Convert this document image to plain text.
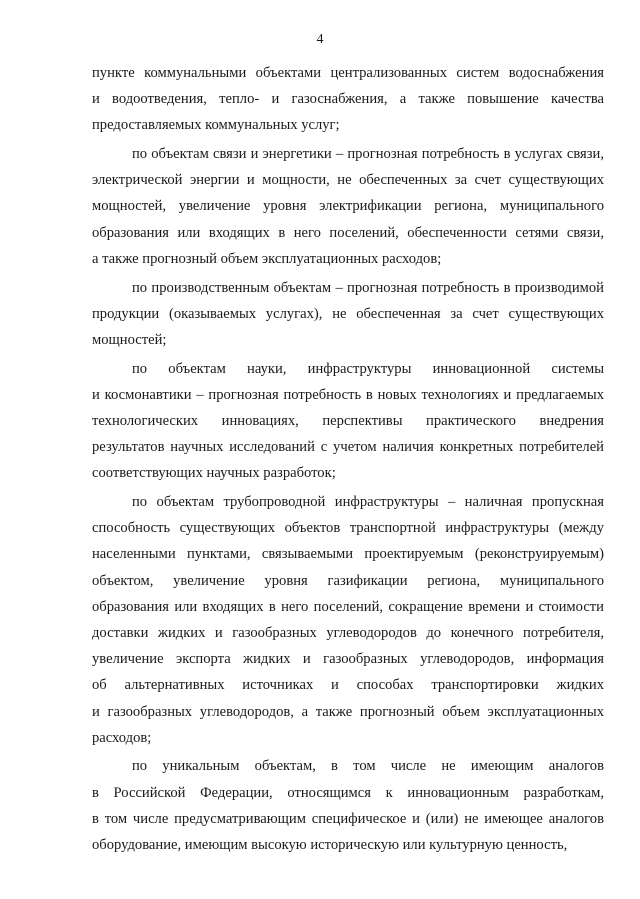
4
пункте коммунальными объектами централизованных систем водоснабжения
и водоотведения, тепло- и газоснабжения, а также повышение качества
предоставляемых коммунальных услуг;
по объектам связи и энергетики – прогнозная потребность в услугах связи,
электрической энергии и мощности, не обеспеченных за счет существующих
мощностей, увеличение уровня электрификации региона, муниципального
образования или входящих в него поселений, обеспеченности сетями связи,
а также прогнозный объем эксплуатационных расходов;
по производственным объектам – прогнозная потребность в производимой
продукции (оказываемых услугах), не обеспеченная за счет существующих
мощностей;
по объектам науки, инфраструктуры инновационной системы
и космонавтики – прогнозная потребность в новых технологиях и предлагаемых
технологических инновациях, перспективы практического внедрения
результатов научных исследований с учетом наличия конкретных потребителей
соответствующих научных разработок;
по объектам трубопроводной инфраструктуры – наличная пропускная
способность существующих объектов транспортной инфраструктуры (между
населенными пунктами, связываемыми проектируемым (реконструируемым)
объектом, увеличение уровня газификации региона, муниципального
образования или входящих в него поселений, сокращение времени и стоимости
доставки жидких и газообразных углеводородов до конечного потребителя,
увеличение экспорта жидких и газообразных углеводородов, информация
об альтернативных источниках и способах транспортировки жидких
и газообразных углеводородов, а также прогнозный объем эксплуатационных
расходов;
по уникальным объектам, в том числе не имеющим аналогов
в Российской Федерации, относящимся к инновационным разработкам,
в том числе предусматривающим специфическое и (или) не имеющее аналогов
оборудование, имеющим высокую историческую или культурную ценность,
